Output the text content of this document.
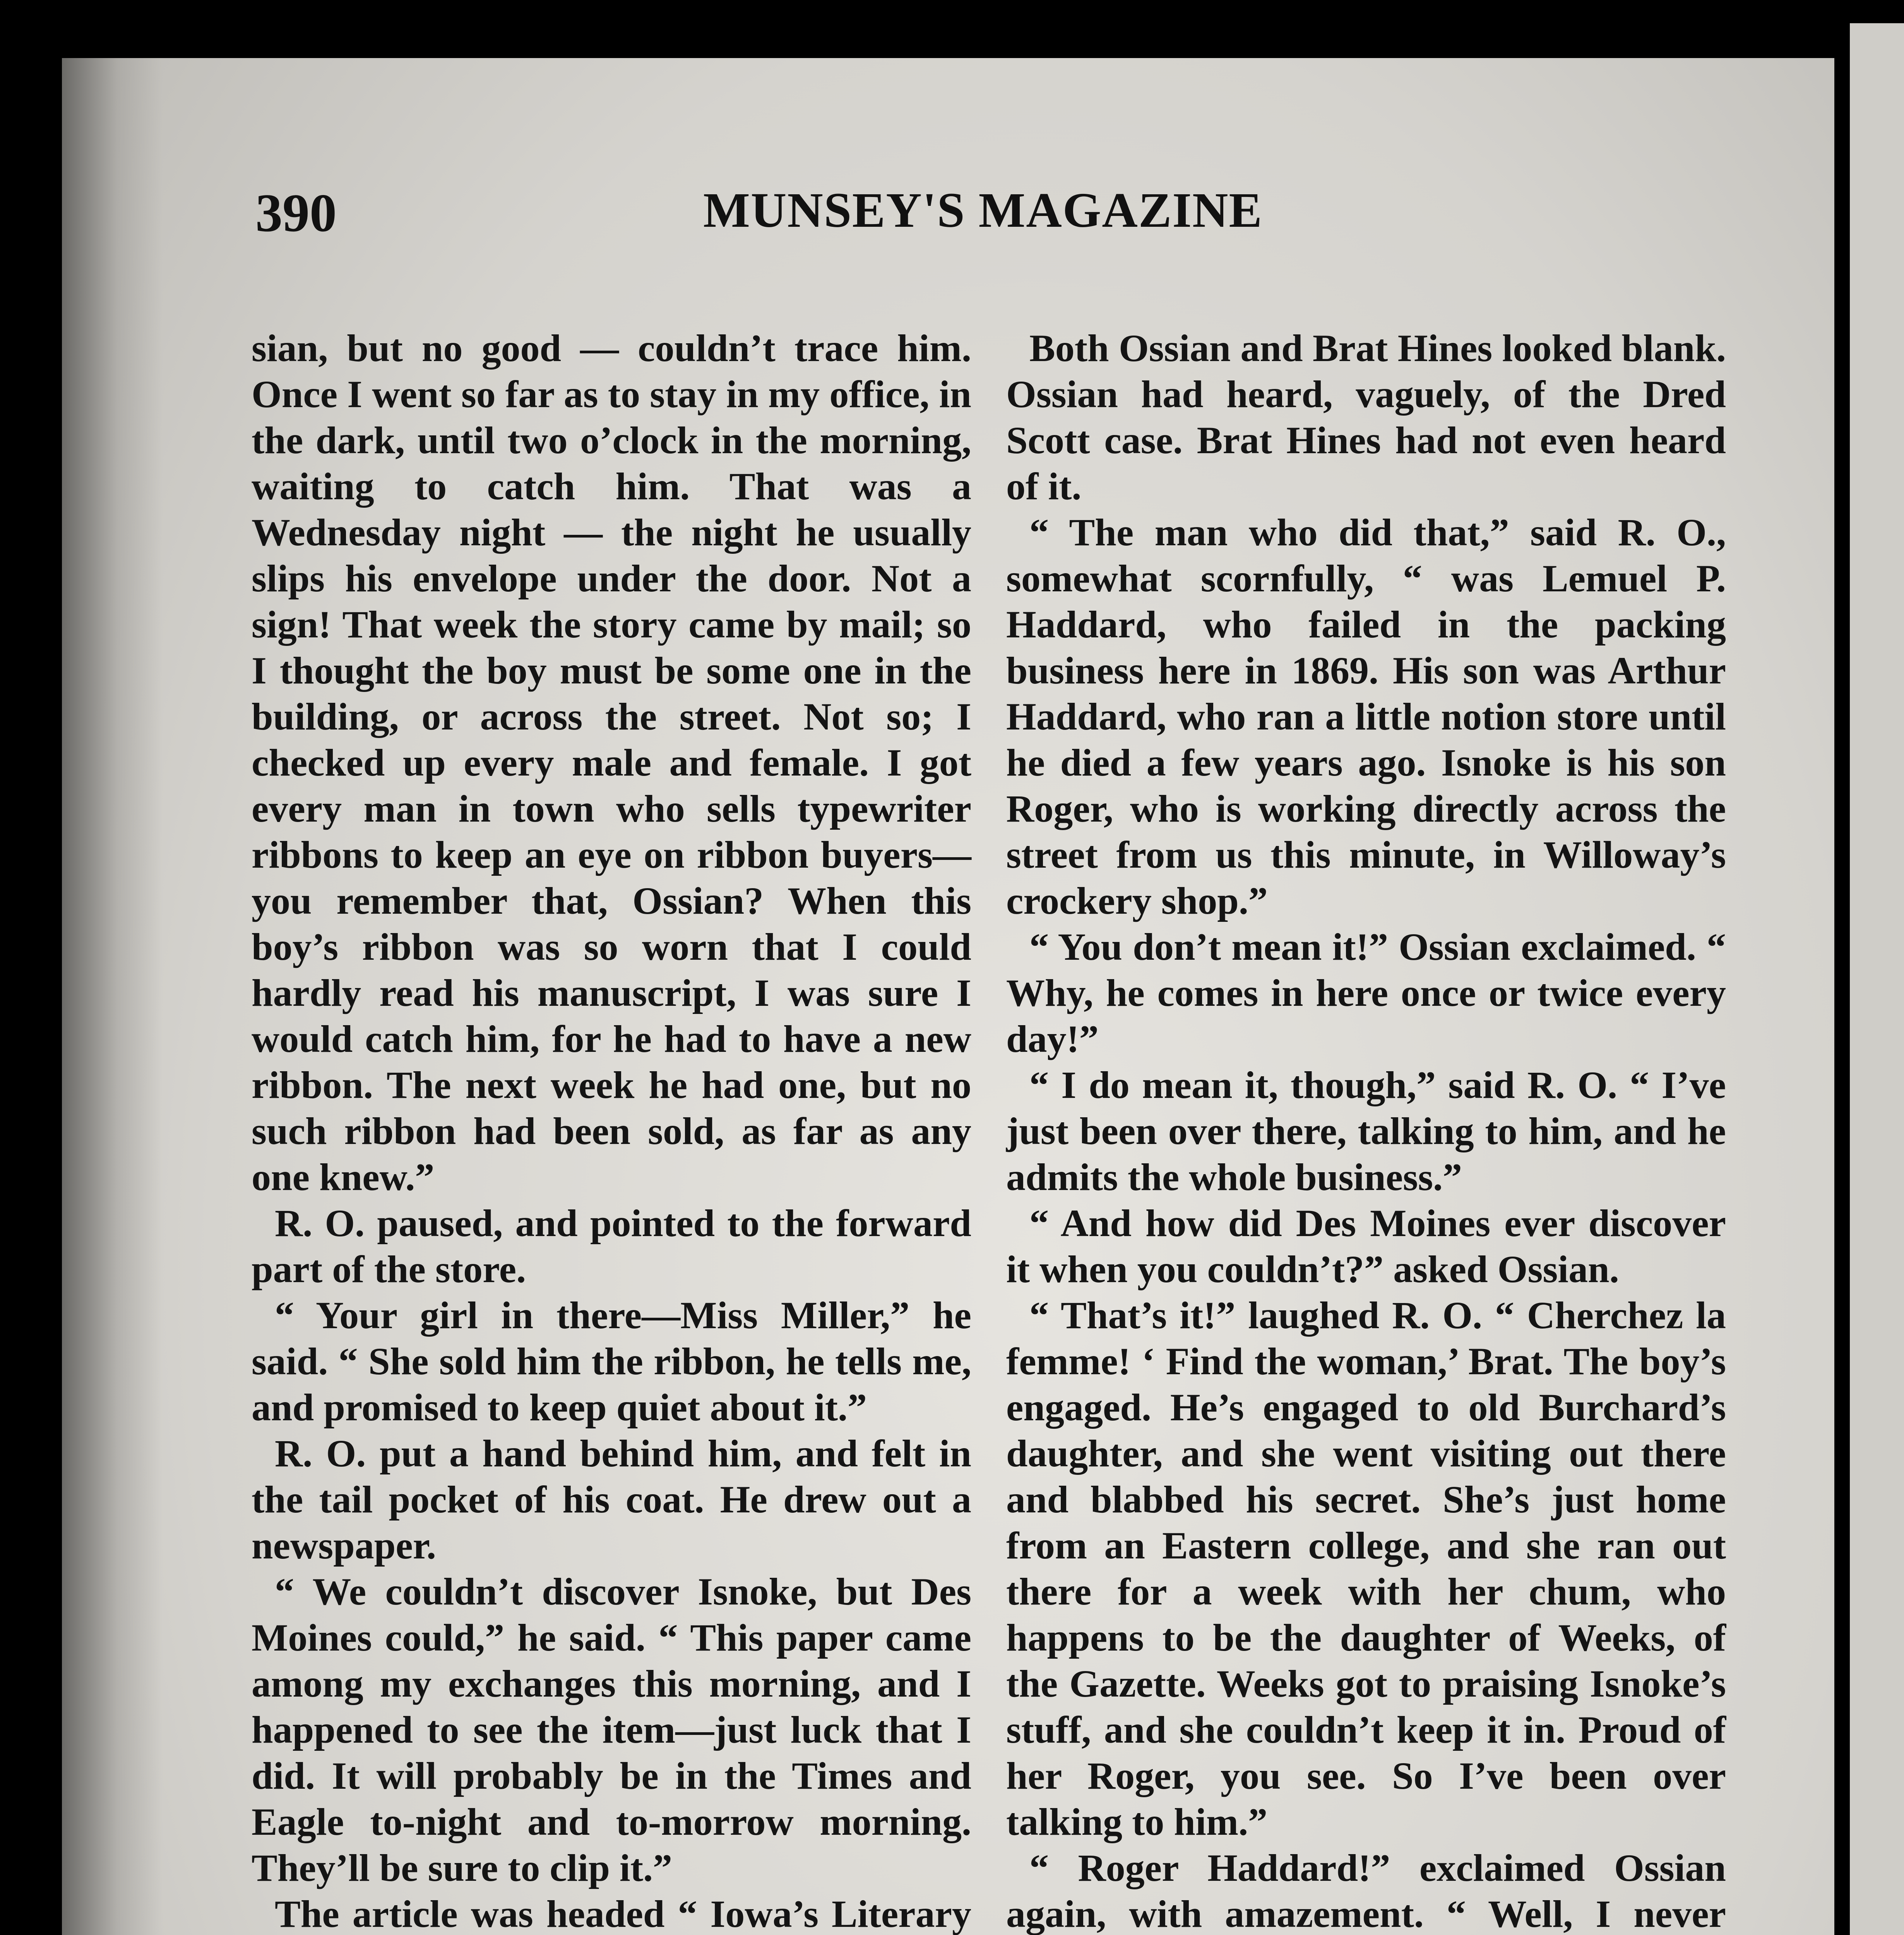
390	MUNSEY'S MAGAZINE

sian, but no good — couldn’t trace him. Once I went so far as to stay in my office, in the dark, until two o’clock in the morning, waiting to catch him. That was a Wednesday night — the night he usually slips his envelope under the door. Not a sign! That week the story came by mail; so I thought the boy must be some one in the building, or across the street. Not so; I checked up every male and female. I got every man in town who sells typewriter ribbons to keep an eye on ribbon buyers— you remember that, Ossian? When this boy’s ribbon was so worn that I could hardly read his manuscript, I was sure I would catch him, for he had to have a new ribbon. The next week he had one, but no such ribbon had been sold, as far as any one knew.”

R. O. paused, and pointed to the forward part of the store.

“ Your girl in there—Miss Miller,” he said. “ She sold him the ribbon, he tells me, and promised to keep quiet about it.”

R. O. put a hand behind him, and felt in the tail pocket of his coat. He drew out a newspaper.

“ We couldn’t discover Isnoke, but Des Moines could,” he said. “ This paper came among my exchanges this morning, and I happened to see the item—just luck that I did. It will probably be in the Times and Eagle to-night and to-morrow morning. They’ll be sure to clip it.”

The article was headed “ Iowa’s Literary

Both Ossian and Brat Hines looked blank. Ossian had heard, vaguely, of the Dred Scott case. Brat Hines had not even heard of it.

“ The man who did that,” said R. O., somewhat scornfully, “ was Lemuel P. Haddard, who failed in the packing business here in 1869. His son was Arthur Haddard, who ran a little notion store until he died a few years ago. Isnoke is his son Roger, who is working directly across the street from us this minute, in Willoway’s crockery shop.”

“ You don’t mean it!” Ossian exclaimed. “ Why, he comes in here once or twice every day!”

“ I do mean it, though,” said R. O. “ I’ve just been over there, talking to him, and he admits the whole business.”

“ And how did Des Moines ever discover it when you couldn’t?” asked Ossian.

“ That’s it!” laughed R. O. “ Cherchez la femme! ‘ Find the woman,’ Brat. The boy’s engaged. He’s engaged to old Burchard’s daughter, and she went visiting out there and blabbed his secret. She’s just home from an Eastern college, and she ran out there for a week with her chum, who happens to be the daughter of Weeks, of the Gazette. Weeks got to praising Isnoke’s stuff, and she couldn’t keep it in. Proud of her Roger, you see. So I’ve been over talking to him.”

“ Roger Haddard!” exclaimed Ossian again, with amazement. “ Well, I never
